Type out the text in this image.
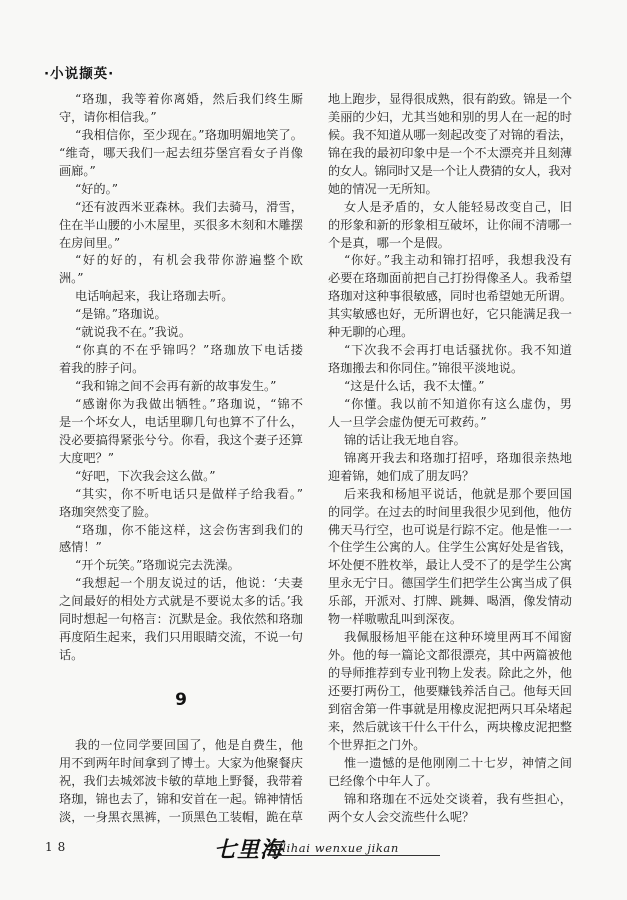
·小说撷英·
“珞珈，我等着你离婚，然后我们终生厮
守，请你相信我。”
“我相信你，至少现在。”珞珈明媚地笑了。
“维奇，哪天我们一起去纽芬堡宫看女子肖像
画廊。”
“好的。”
“还有波西米亚森林。我们去骑马，滑雪，
住在半山腰的小木屋里，买很多木刻和木雕摆
在房间里。”
“好的好的，有机会我带你游遍整个欧
洲。”
电话响起来，我让珞珈去听。
“是锦。”珞珈说。
“就说我不在。”我说。
“你真的不在乎锦吗？”珞珈放下电话搂
着我的脖子问。
“我和锦之间不会再有新的故事发生。”
“感谢你为我做出牺牲。”珞珈说，“锦不
是一个坏女人，电话里聊几句也算不了什么，
没必要搞得紧张兮兮。你看，我这个妻子还算
大度吧？”
“好吧，下次我会这么做。”
“其实，你不听电话只是做样子给我看。”
珞珈突然变了脸。
“珞珈，你不能这样，这会伤害到我们的
感情！”
“开个玩笑。”珞珈说完去洗澡。
“我想起一个朋友说过的话，他说：‘夫妻
之间最好的相处方式就是不要说太多的话。’我
同时想起一句格言：沉默是金。我依然和珞珈
再度陌生起来，我们只用眼睛交流，不说一句
话。
9
我的一位同学要回国了，他是自费生，他
用不到两年时间拿到了博士。大家为他聚餐庆
祝，我们去城郊波卡敏的草地上野餐，我带着
珞珈，锦也去了，锦和安首在一起。锦神情恬
淡，一身黑衣黑裤，一顶黑色工装帽，跪在草
地上跑步，显得很成熟，很有韵致。锦是一个
美丽的少妇，尤其当她和别的男人在一起的时
候。我不知道从哪一刻起改变了对锦的看法，
锦在我的最初印象中是一个不太漂亮并且刻薄
的女人。锦同时又是一个让人费猜的女人，我对
她的情况一无所知。
女人是矛盾的，女人能轻易改变自己，旧
的形象和新的形象相互破坏，让你闹不清哪一
个是真，哪一个是假。
“你好。”我主动和锦打招呼，我想我没有
必要在珞珈面前把自己打扮得像圣人。我希望
珞珈对这种事很敏感，同时也希望她无所谓。
其实敏感也好，无所谓也好，它只能满足我一
种无聊的心理。
“下次我不会再打电话骚扰你。我不知道
珞珈搬去和你同住。”锦很平淡地说。
“这是什么话，我不太懂。”
“你懂。我以前不知道你有这么虚伪，男
人一旦学会虚伪便无可救药。”
锦的话让我无地自容。
锦离开我去和珞珈打招呼，珞珈很亲热地
迎着锦，她们成了朋友吗？
后来我和杨旭平说话，他就是那个要回国
的同学。在过去的时间里我很少见到他，他仿
佛天马行空，也可说是行踪不定。他是惟一一
个住学生公寓的人。住学生公寓好处是省钱，
坏处便不胜枚举，最让人受不了的是学生公寓
里永无宁日。德国学生们把学生公寓当成了俱
乐部，开派对、打牌、跳舞、喝酒，像发情动
物一样嗷嗷乱叫到深夜。
我佩服杨旭平能在这种环境里两耳不闻窗
外。他的每一篇论文都很漂亮，其中两篇被他
的导师推荐到专业刊物上发表。除此之外，他
还要打两份工，他要赚钱养活自己。他每天回
到宿舍第一件事就是用橡皮泥把两只耳朵堵起
来，然后就该干什么干什么，两块橡皮泥把整
个世界拒之门外。
惟一遗憾的是他刚刚二十七岁，神情之间
已经像个中年人了。
锦和珞珈在不远处交谈着，我有些担心，
两个女人会交流些什么呢？
18	七里海
qilihai wenxue jikan
